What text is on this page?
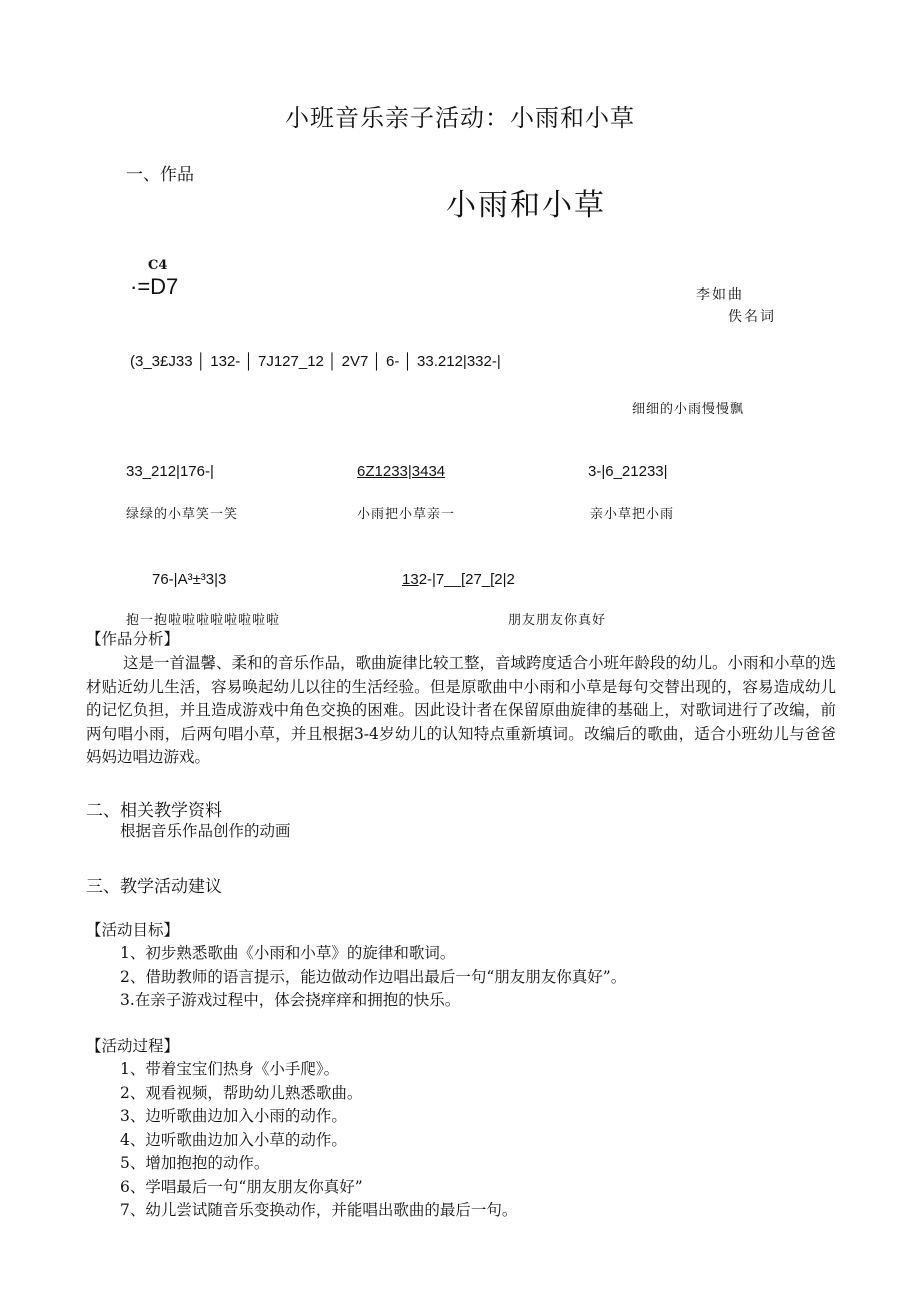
小班音乐亲子活动：小雨和小草
一、作品
小雨和小草
C4
·=D7	李如曲
佚名词
(3_3£J33 │ 132- │ 7J127_12 │ 2V7 │ 6- │ 33.212|332-|
细细的小雨慢慢飘
33_212|176-|	6Z1233|3434	3-|6_21233|
绿绿的小草笑一笑	小雨把小草亲一	亲小草把小雨
76-|A³±³3|3	132-|7__[27_[2|2
抱一抱啦啦啦啦啦啦啦啦	朋友朋友你真好
【作品分析】
这是一首温馨、柔和的音乐作品，歌曲旋律比较工整，音域跨度适合小班年龄段的幼儿。小雨和小草的选材贴近幼儿生活，容易唤起幼儿以往的生活经验。但是原歌曲中小雨和小草是每句交替出现的，容易造成幼儿的记忆负担，并且造成游戏中角色交换的困难。因此设计者在保留原曲旋律的基础上，对歌词进行了改编，前两句唱小雨，后两句唱小草，并且根据3-4岁幼儿的认知特点重新填词。改编后的歌曲，适合小班幼儿与爸爸妈妈边唱边游戏。
二、相关教学资料
根据音乐作品创作的动画
三、教学活动建议
【活动目标】
1、初步熟悉歌曲《小雨和小草》的旋律和歌词。
2、借助教师的语言提示，能边做动作边唱出最后一句“朋友朋友你真好”。
3.在亲子游戏过程中，体会挠痒痒和拥抱的快乐。
【活动过程】
1、带着宝宝们热身《小手爬》。
2、观看视频，帮助幼儿熟悉歌曲。
3、边听歌曲边加入小雨的动作。
4、边听歌曲边加入小草的动作。
5、增加抱抱的动作。
6、学唱最后一句“朋友朋友你真好”
7、幼儿尝试随音乐变换动作，并能唱出歌曲的最后一句。
